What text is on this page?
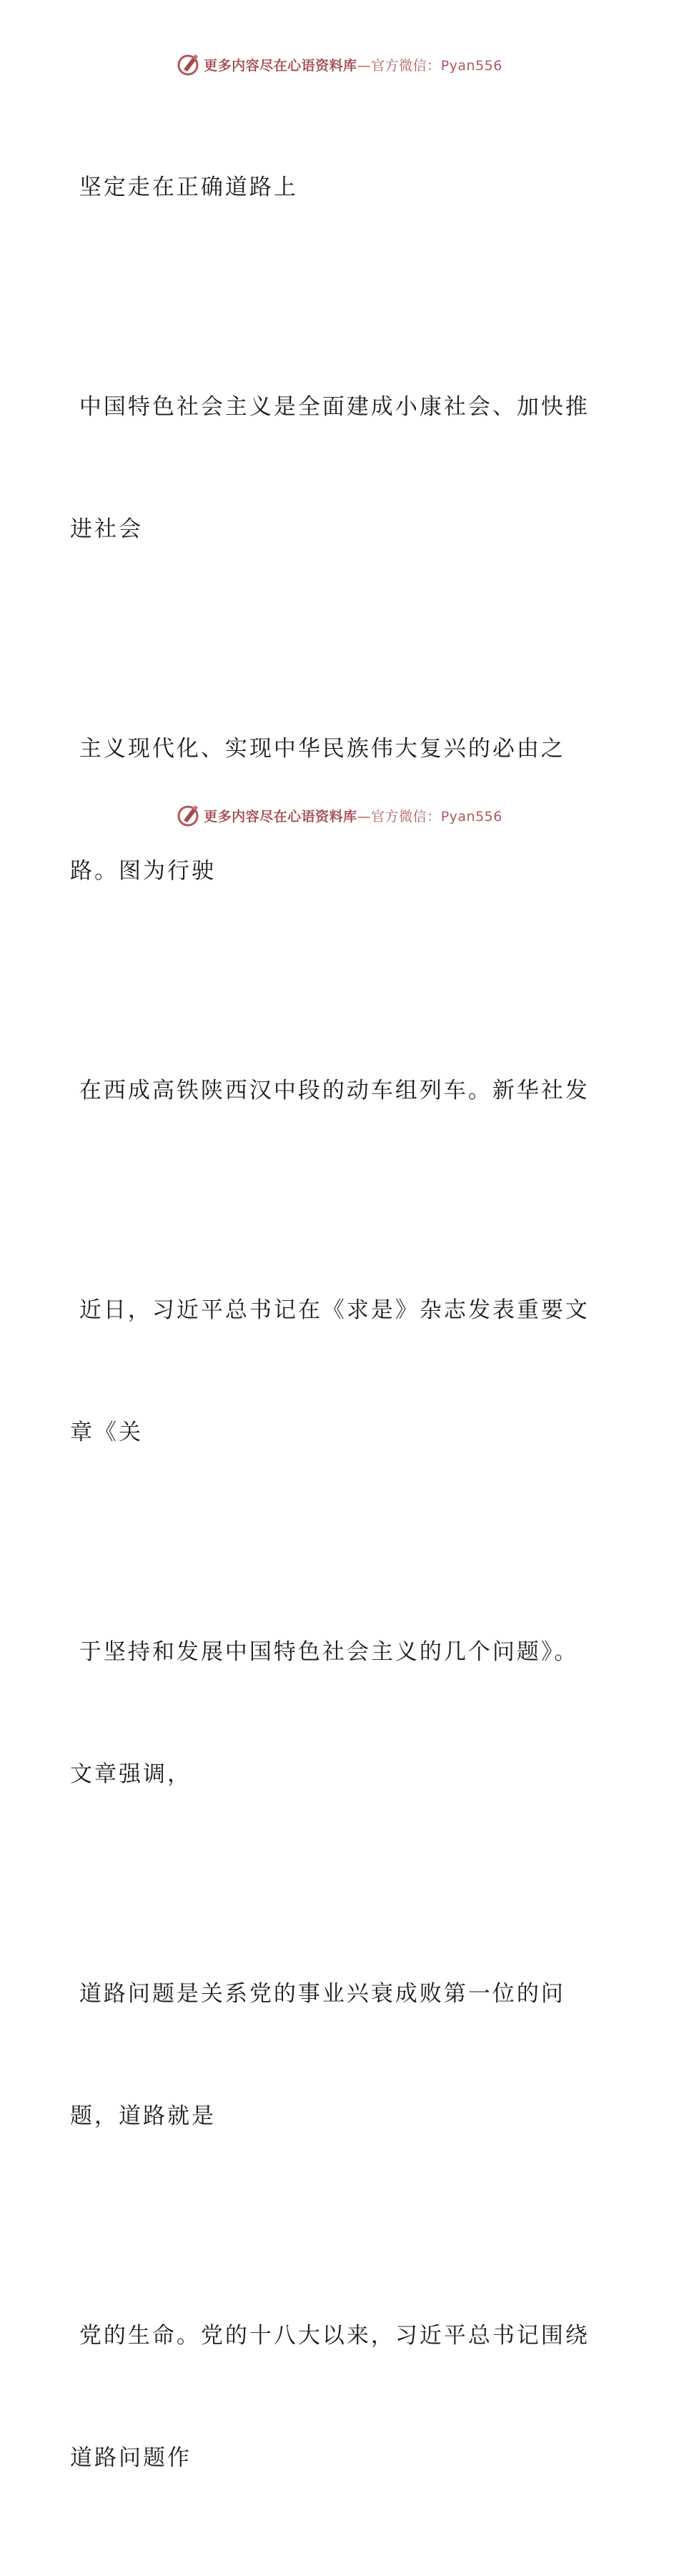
更多内容尽在心语资料库—官方微信：Pyan556

坚定走在正确道路上

中国特色社会主义是全面建成小康社会、加快推

进社会

主义现代化、实现中华民族伟大复兴的必由之

路。图为行驶

在西成高铁陕西汉中段的动车组列车。新华社发

近日，习近平总书记在《求是》杂志发表重要文

章《关

于坚持和发展中国特色社会主义的几个问题》。

文章强调，

道路问题是关系党的事业兴衰成败第一位的问

题，道路就是

党的生命。党的十八大以来，习近平总书记围绕

道路问题作

更多内容尽在心语资料库—官方微信：Pyan556
